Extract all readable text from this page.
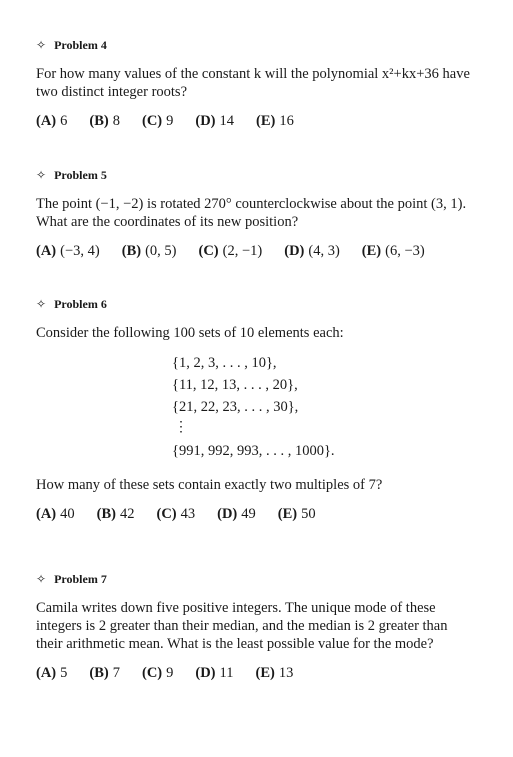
✧ Problem 4
For how many values of the constant k will the polynomial x²+kx+36 have two distinct integer roots?
(A) 6 (B) 8 (C) 9 (D) 14 (E) 16
✧ Problem 5
The point (−1, −2) is rotated 270° counterclockwise about the point (3, 1). What are the coordinates of its new position?
(A) (−3, 4) (B) (0, 5) (C) (2, −1) (D) (4, 3) (E) (6, −3)
✧ Problem 6
Consider the following 100 sets of 10 elements each:
{1, 2, 3, . . . , 10},
{11, 12, 13, . . . , 20},
{21, 22, 23, . . . , 30},
⋮
{991, 992, 993, . . . , 1000}.
How many of these sets contain exactly two multiples of 7?
(A) 40 (B) 42 (C) 43 (D) 49 (E) 50
✧ Problem 7
Camila writes down five positive integers. The unique mode of these integers is 2 greater than their median, and the median is 2 greater than their arithmetic mean. What is the least possible value for the mode?
(A) 5 (B) 7 (C) 9 (D) 11 (E) 13
